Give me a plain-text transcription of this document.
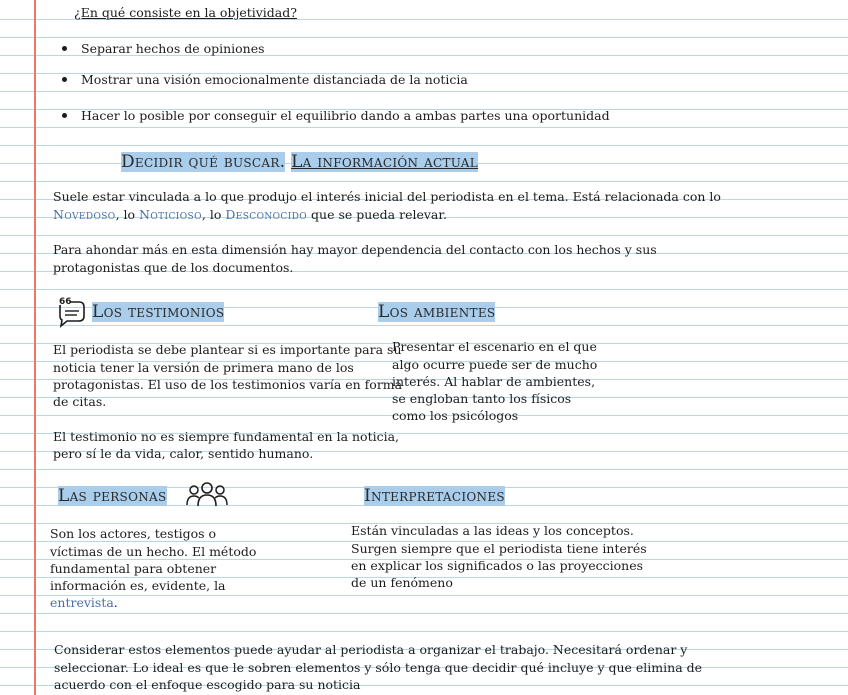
¿En qué consiste en la objetividad?
Separar hechos de opiniones
Mostrar una visión emocionalmente distanciada de la noticia
Hacer lo posible por conseguir el equilibrio dando a ambas partes una oportunidad
Decidir qué buscar. La información actual
Suele estar vinculada a lo que produjo el interés inicial del periodista en el tema. Está relacionada con lo
Novedoso, lo Noticioso, lo Desconocido que se pueda relevar.
Para ahondar más en esta dimensión hay mayor dependencia del contacto con los hechos y sus
protagonistas que de los documentos.
66 Los testimonios	Los ambientes
El periodista se debe plantear si es importante para su
noticia tener la versión de primera mano de los
protagonistas. El uso de los testimonios varía en forma
de citas.
El testimonio no es siempre fundamental en la noticia,
pero sí le da vida, calor, sentido humano.
Presentar el escenario en el que
algo ocurre puede ser de mucho
interés. Al hablar de ambientes,
se engloban tanto los físicos
como los psicólogos
Las personas	Interpretaciones
Son los actores, testigos o
víctimas de un hecho. El método
fundamental para obtener
información es, evidente, la
entrevista.
Están vinculadas a las ideas y los conceptos.
Surgen siempre que el periodista tiene interés
en explicar los significados o las proyecciones
de un fenómeno
Considerar estos elementos puede ayudar al periodista a organizar el trabajo. Necesitará ordenar y
seleccionar. Lo ideal es que le sobren elementos y sólo tenga que decidir qué incluye y que elimina de
acuerdo con el enfoque escogido para su noticia
